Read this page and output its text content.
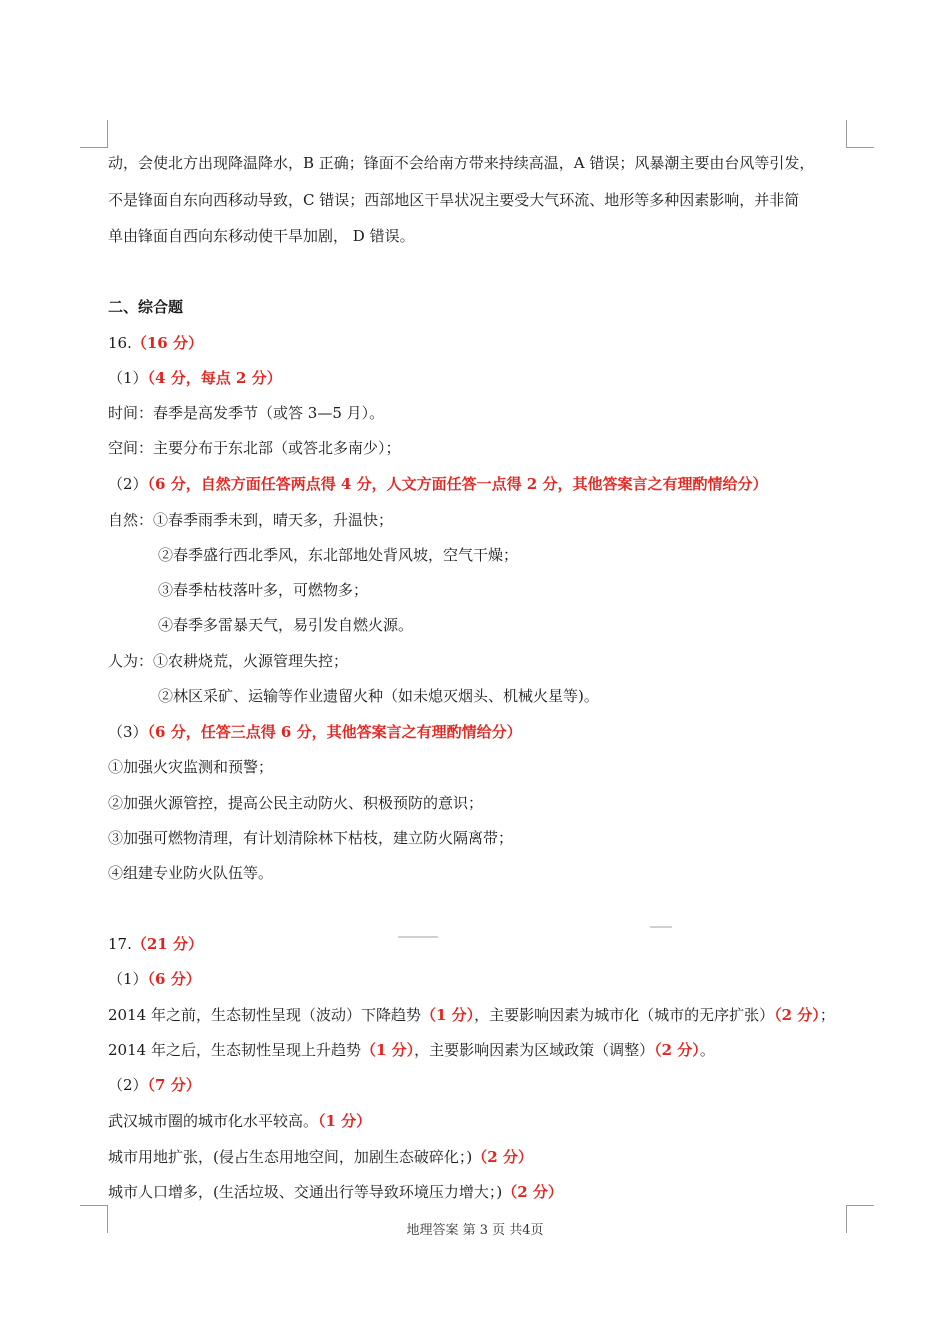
动，会使北方出现降温降水，B 正确；锋面不会给南方带来持续高温，A 错误；风暴潮主要由台风等引发，
不是锋面自东向西移动导致，C 错误；西部地区干旱状况主要受大气环流、地形等多种因素影响，并非简
单由锋面自西向东移动使干旱加剧， D 错误。
二、综合题
16.（16 分）
（1）（4 分，每点 2 分）
时间：春季是高发季节（或答 3—5 月）。
空间：主要分布于东北部（或答北多南少）；
（2）（6 分，自然方面任答两点得 4 分，人文方面任答一点得 2 分，其他答案言之有理酌情给分）
自然：①春季雨季未到，晴天多，升温快；
②春季盛行西北季风，东北部地处背风坡，空气干燥；
③春季枯枝落叶多，可燃物多；
④春季多雷暴天气，易引发自燃火源。
人为：①农耕烧荒，火源管理失控；
②林区采矿、运输等作业遗留火种（如未熄灭烟头、机械火星等)。
（3）（6 分，任答三点得 6 分，其他答案言之有理酌情给分）
①加强火灾监测和预警；
②加强火源管控，提高公民主动防火、积极预防的意识；
③加强可燃物清理，有计划清除林下枯枝，建立防火隔离带；
④组建专业防火队伍等。
17.（21 分）
（1）（6 分）
2014 年之前，生态韧性呈现（波动）下降趋势（1 分），主要影响因素为城市化（城市的无序扩张）（2 分）；
2014 年之后，生态韧性呈现上升趋势（1 分），主要影响因素为区域政策（调整）（2 分）。
（2）（7 分）
武汉城市圈的城市化水平较高。（1 分）
城市用地扩张，(侵占生态用地空间，加剧生态破碎化；)（2 分）
城市人口增多，(生活垃圾、交通出行等导致环境压力增大；)（2 分）
地理答案 第 3 页 共4页
